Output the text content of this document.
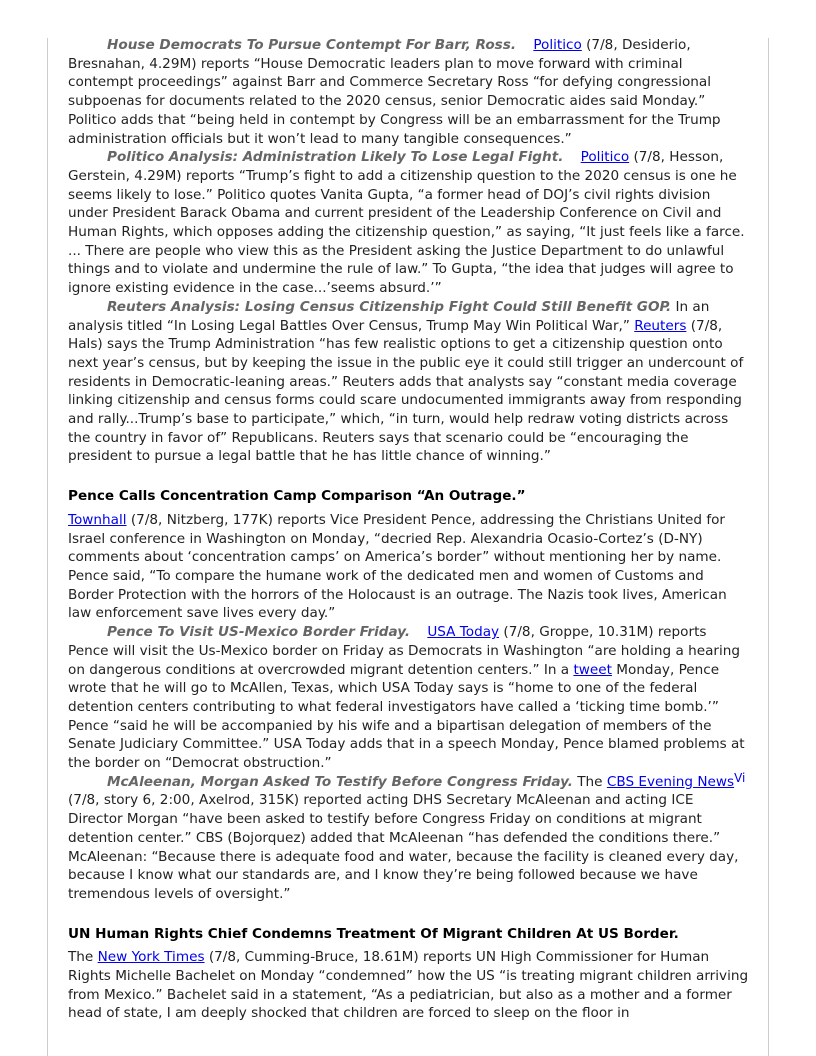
House Democrats To Pursue Contempt For Barr, Ross. Politico (7/8, Desiderio, Bresnahan, 4.29M) reports “House Democratic leaders plan to move forward with criminal contempt proceedings” against Barr and Commerce Secretary Ross “for defying congressional subpoenas for documents related to the 2020 census, senior Democratic aides said Monday.” Politico adds that “being held in contempt by Congress will be an embarrassment for the Trump administration officials but it won’t lead to many tangible consequences.”

Politico Analysis: Administration Likely To Lose Legal Fight. Politico (7/8, Hesson, Gerstein, 4.29M) reports “Trump’s fight to add a citizenship question to the 2020 census is one he seems likely to lose.” Politico quotes Vanita Gupta, “a former head of DOJ’s civil rights division under President Barack Obama and current president of the Leadership Conference on Civil and Human Rights, which opposes adding the citizenship question,” as saying, “It just feels like a farce. ... There are people who view this as the President asking the Justice Department to do unlawful things and to violate and undermine the rule of law.” To Gupta, “the idea that judges will agree to ignore existing evidence in the case...’seems absurd.’”

Reuters Analysis: Losing Census Citizenship Fight Could Still Benefit GOP. In an analysis titled “In Losing Legal Battles Over Census, Trump May Win Political War,” Reuters (7/8, Hals) says the Trump Administration “has few realistic options to get a citizenship question onto next year’s census, but by keeping the issue in the public eye it could still trigger an undercount of residents in Democratic-leaning areas.” Reuters adds that analysts say “constant media coverage linking citizenship and census forms could scare undocumented immigrants away from responding and rally...Trump’s base to participate,” which, “in turn, would help redraw voting districts across the country in favor of” Republicans. Reuters says that scenario could be “encouraging the president to pursue a legal battle that he has little chance of winning.”

Pence Calls Concentration Camp Comparison “An Outrage.”

Townhall (7/8, Nitzberg, 177K) reports Vice President Pence, addressing the Christians United for Israel conference in Washington on Monday, “decried Rep. Alexandria Ocasio-Cortez’s (D-NY) comments about ‘concentration camps’ on America’s border” without mentioning her by name. Pence said, “To compare the humane work of the dedicated men and women of Customs and Border Protection with the horrors of the Holocaust is an outrage. The Nazis took lives, American law enforcement save lives every day.”

Pence To Visit US-Mexico Border Friday. USA Today (7/8, Groppe, 10.31M) reports Pence will visit the Us-Mexico border on Friday as Democrats in Washington “are holding a hearing on dangerous conditions at overcrowded migrant detention centers.” In a tweet Monday, Pence wrote that he will go to McAllen, Texas, which USA Today says is “home to one of the federal detention centers contributing to what federal investigators have called a ‘ticking time bomb.’” Pence “said he will be accompanied by his wife and a bipartisan delegation of members of the Senate Judiciary Committee.” USA Today adds that in a speech Monday, Pence blamed problems at the border on “Democrat obstruction.”

McAleenan, Morgan Asked To Testify Before Congress Friday. The CBS Evening News$^{Vi}$ (7/8, story 6, 2:00, Axelrod, 315K) reported acting DHS Secretary McAleenan and acting ICE Director Morgan “have been asked to testify before Congress Friday on conditions at migrant detention center.” CBS (Bojorquez) added that McAleenan “has defended the conditions there.” McAleenan: “Because there is adequate food and water, because the facility is cleaned every day, because I know what our standards are, and I know they’re being followed because we have tremendous levels of oversight.”

UN Human Rights Chief Condemns Treatment Of Migrant Children At US Border.

The New York Times (7/8, Cumming-Bruce, 18.61M) reports UN High Commissioner for Human Rights Michelle Bachelet on Monday “condemned” how the US “is treating migrant children arriving from Mexico.” Bachelet said in a statement, “As a pediatrician, but also as a mother and a former head of state, I am deeply shocked that children are forced to sleep on the floor in
